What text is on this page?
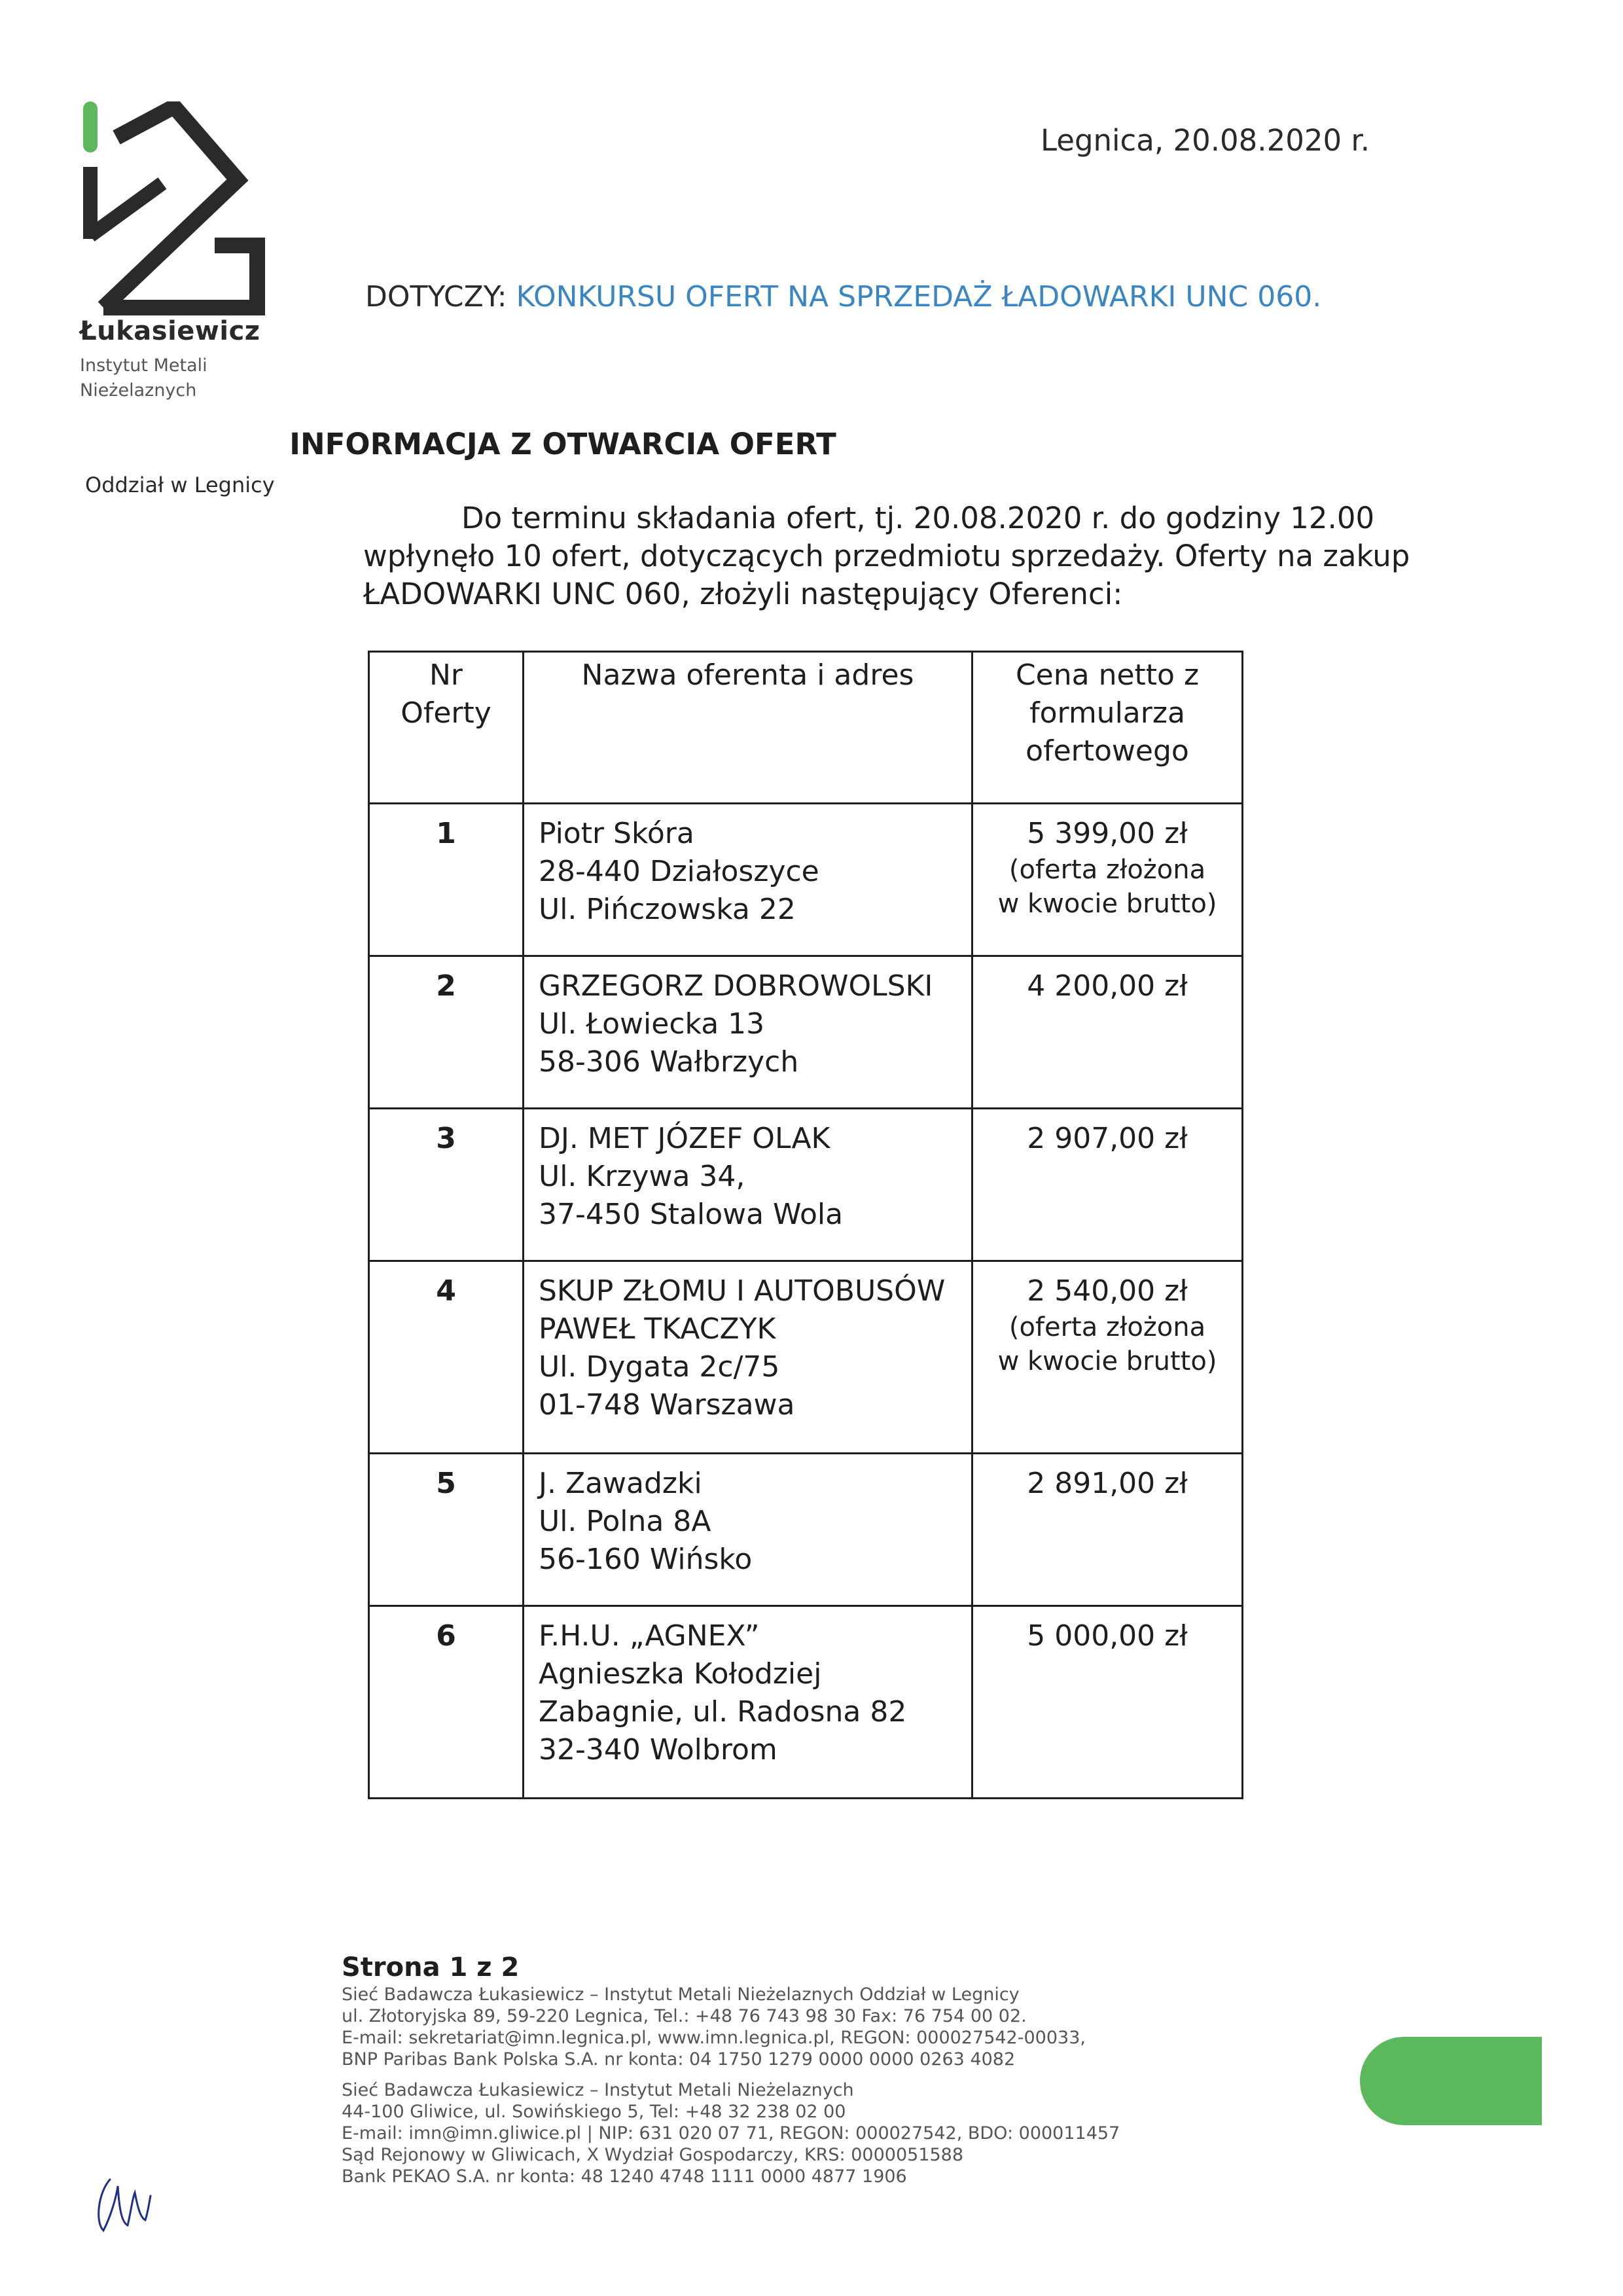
Łukasiewicz
Instytut Metali
Nieżelaznych
Oddział w Legnicy
Legnica, 20.08.2020 r.
DOTYCZY: KONKURSU OFERT NA SPRZEDAŻ ŁADOWARKI UNC 060.
INFORMACJA Z OTWARCIA OFERT
Do terminu składania ofert, tj. 20.08.2020 r. do godziny 12.00
wpłynęło 10 ofert, dotyczących przedmiotu sprzedaży. Oferty na zakup
ŁADOWARKI UNC 060, złożyli następujący Oferenci:
Nr
Oferty	Nazwa oferenta i adres	Cena netto z
formularza
ofertowego

1	Piotr Skóra
28-440 Działoszyce
Ul. Pińczowska 22	5 399,00 zł
(oferta złożona
w kwocie brutto)

2	GRZEGORZ DOBROWOLSKI
Ul. Łowiecka 13
58-306 Wałbrzych	4 200,00 zł

3	DJ. MET JÓZEF OLAK
Ul. Krzywa 34,
37-450 Stalowa Wola	2 907,00 zł

4	SKUP ZŁOMU I AUTOBUSÓW
PAWEŁ TKACZYK
Ul. Dygata 2c/75
01-748 Warszawa	2 540,00 zł
(oferta złożona
w kwocie brutto)

5	J. Zawadzki
Ul. Polna 8A
56-160 Wińsko	2 891,00 zł

6	F.H.U. „AGNEX”
Agnieszka Kołodziej
Zabagnie, ul. Radosna 82
32-340 Wolbrom	5 000,00 zł
Strona 1 z 2
Sieć Badawcza Łukasiewicz – Instytut Metali Nieżelaznych Oddział w Legnicy
ul. Złotoryjska 89, 59-220 Legnica, Tel.: +48 76 743 98 30 Fax: 76 754 00 02.
E-mail: sekretariat@imn.legnica.pl, www.imn.legnica.pl, REGON: 000027542-00033,
BNP Paribas Bank Polska S.A. nr konta: 04 1750 1279 0000 0000 0263 4082
Sieć Badawcza Łukasiewicz – Instytut Metali Nieżelaznych
44-100 Gliwice, ul. Sowińskiego 5, Tel: +48 32 238 02 00
E-mail: imn@imn.gliwice.pl | NIP: 631 020 07 71, REGON: 000027542, BDO: 000011457
Sąd Rejonowy w Gliwicach, X Wydział Gospodarczy, KRS: 0000051588
Bank PEKAO S.A. nr konta: 48 1240 4748 1111 0000 4877 1906
